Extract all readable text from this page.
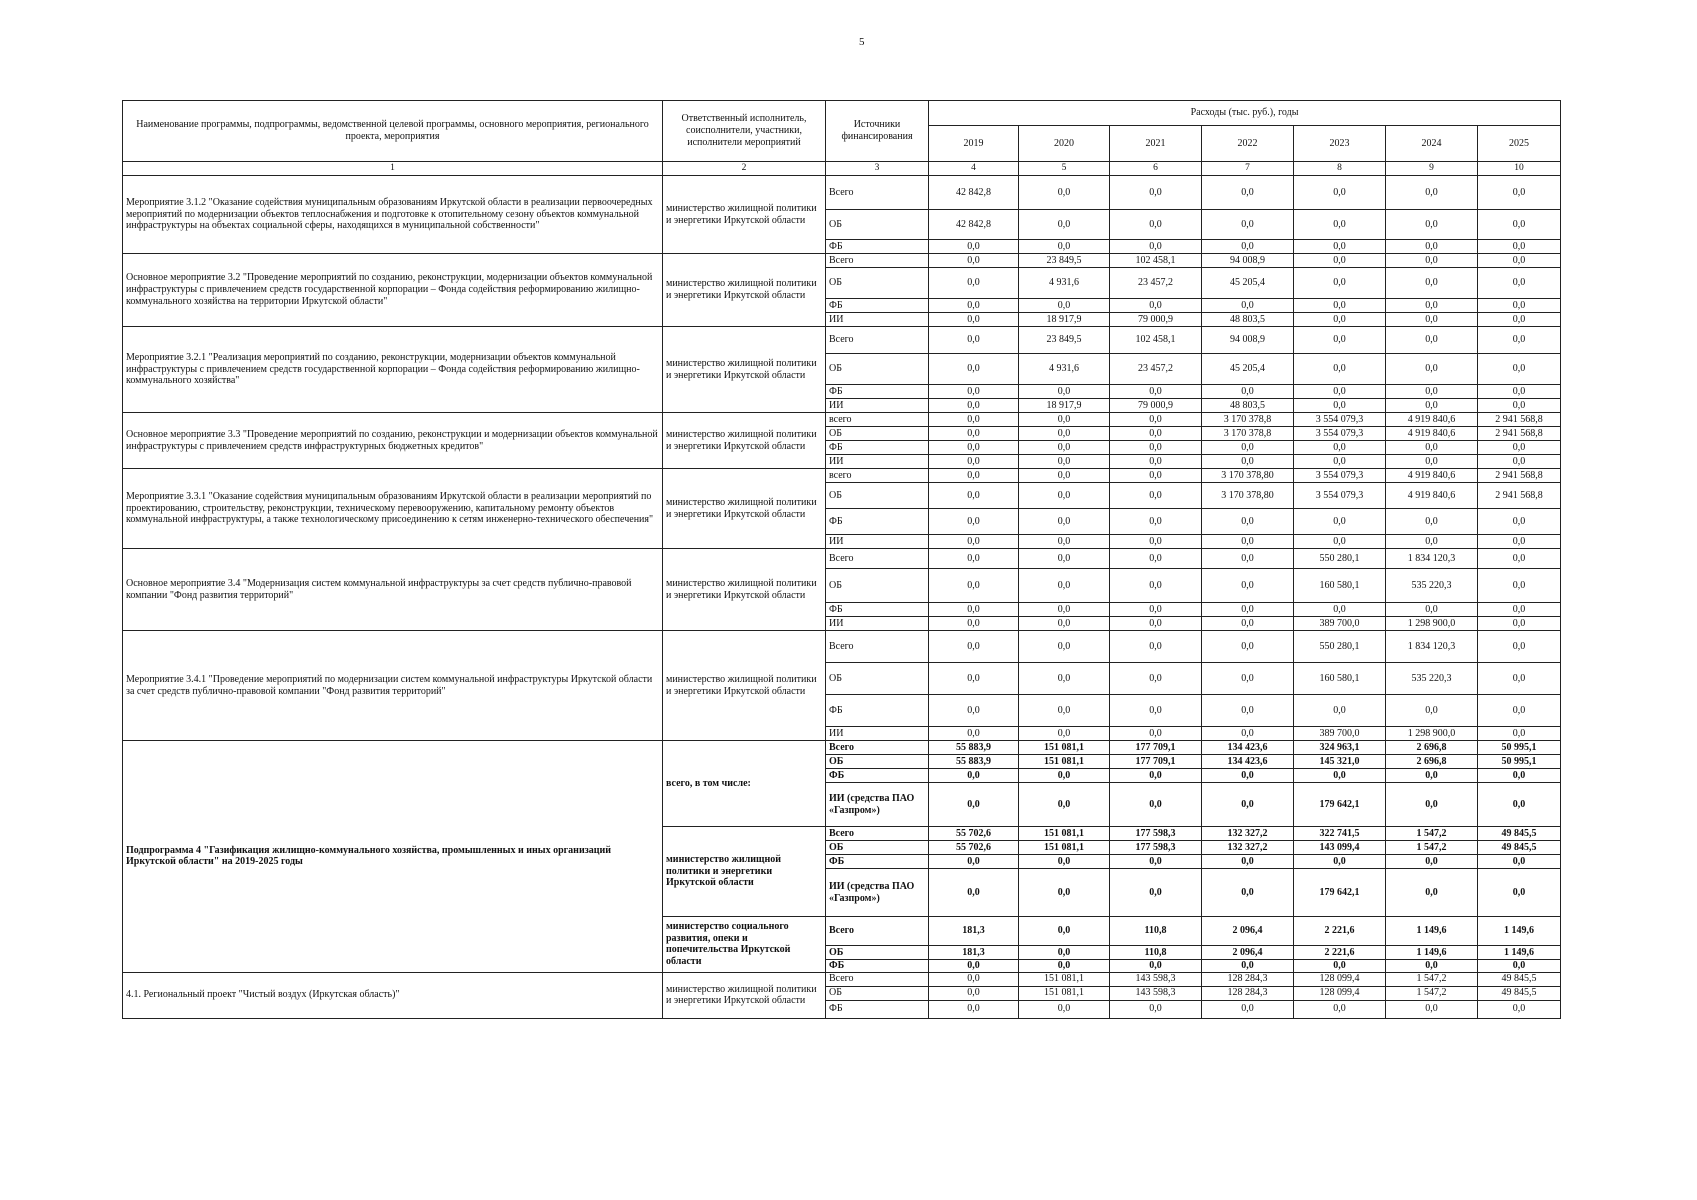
5
Наименование программы, подпрограммы, ведомственной целевой программы, основного мероприятия, регионального проекта, мероприятия	Ответственный исполнитель, соисполнители, участники, исполнители мероприятий	Источники финансирования	Расходы (тыс. руб.), годы						
			2019	2020	2021	2022	2023	2024	2025
1	2	3	4	5	6	7	8	9	10
Мероприятие 3.1.2 "Оказание содействия муниципальным образованиям Иркутской области в реализации первоочередных мероприятий по модернизации объектов теплоснабжения и подготовке к отопительному сезону объектов коммунальной инфраструктуры на объектах социальной сферы, находящихся в муниципальной собственности"	министерство жилищной политики и энергетики Иркутской области	Всего	42 842,8	0,0	0,0	0,0	0,0	0,0	0,0
		ОБ	42 842,8	0,0	0,0	0,0	0,0	0,0	0,0
		ФБ	0,0	0,0	0,0	0,0	0,0	0,0	0,0
Основное мероприятие 3.2 "Проведение мероприятий по созданию, реконструкции, модернизации объектов коммунальной инфраструктуры с привлечением средств государственной корпорации – Фонда содействия реформированию жилищно-коммунального хозяйства на территории Иркутской области"	министерство жилищной политики и энергетики Иркутской области	Всего	0,0	23 849,5	102 458,1	94 008,9	0,0	0,0	0,0
		ОБ	0,0	4 931,6	23 457,2	45 205,4	0,0	0,0	0,0
		ФБ	0,0	0,0	0,0	0,0	0,0	0,0	0,0
		ИИ	0,0	18 917,9	79 000,9	48 803,5	0,0	0,0	0,0
Мероприятие 3.2.1 "Реализация мероприятий по созданию, реконструкции, модернизации объектов коммунальной инфраструктуры с привлечением средств государственной корпорации – Фонда содействия реформированию жилищно-коммунального хозяйства"	министерство жилищной политики и энергетики Иркутской области	Всего	0,0	23 849,5	102 458,1	94 008,9	0,0	0,0	0,0
		ОБ	0,0	4 931,6	23 457,2	45 205,4	0,0	0,0	0,0
		ФБ	0,0	0,0	0,0	0,0	0,0	0,0	0,0
		ИИ	0,0	18 917,9	79 000,9	48 803,5	0,0	0,0	0,0
Основное мероприятие 3.3 "Проведение мероприятий по созданию, реконструкции и модернизации объектов коммунальной инфраструктуры с привлечением средств инфраструктурных бюджетных кредитов"	министерство жилищной политики и энергетики Иркутской области	всего	0,0	0,0	0,0	3 170 378,8	3 554 079,3	4 919 840,6	2 941 568,8
		ОБ	0,0	0,0	0,0	3 170 378,8	3 554 079,3	4 919 840,6	2 941 568,8
		ФБ	0,0	0,0	0,0	0,0	0,0	0,0	0,0
		ИИ	0,0	0,0	0,0	0,0	0,0	0,0	0,0
Мероприятие 3.3.1 "Оказание содействия муниципальным образованиям Иркутской области в реализации мероприятий по проектированию, строительству, реконструкции, техническому перевооружению, капитальному ремонту объектов коммунальной инфраструктуры, а также технологическому присоединению к сетям инженерно-технического обеспечения"	министерство жилищной политики и энергетики Иркутской области	всего	0,0	0,0	0,0	3 170 378,80	3 554 079,3	4 919 840,6	2 941 568,8
		ОБ	0,0	0,0	0,0	3 170 378,80	3 554 079,3	4 919 840,6	2 941 568,8
		ФБ	0,0	0,0	0,0	0,0	0,0	0,0	0,0
		ИИ	0,0	0,0	0,0	0,0	0,0	0,0	0,0
Основное мероприятие 3.4 "Модернизация систем коммунальной инфраструктуры за счет средств публично-правовой компании "Фонд развития территорий"	министерство жилищной политики и энергетики Иркутской области	Всего	0,0	0,0	0,0	0,0	550 280,1	1 834 120,3	0,0
		ОБ	0,0	0,0	0,0	0,0	160 580,1	535 220,3	0,0
		ФБ	0,0	0,0	0,0	0,0	0,0	0,0	0,0
		ИИ	0,0	0,0	0,0	0,0	389 700,0	1 298 900,0	0,0
Мероприятие 3.4.1 "Проведение мероприятий по модернизации систем коммунальной инфраструктуры Иркутской области за счет средств публично-правовой компании "Фонд развития территорий"	министерство жилищной политики и энергетики Иркутской области	Всего	0,0	0,0	0,0	0,0	550 280,1	1 834 120,3	0,0
		ОБ	0,0	0,0	0,0	0,0	160 580,1	535 220,3	0,0
		ФБ	0,0	0,0	0,0	0,0	0,0	0,0	0,0
		ИИ	0,0	0,0	0,0	0,0	389 700,0	1 298 900,0	0,0
Подпрограмма 4 "Газификация жилищно-коммунального хозяйства, промышленных и иных организаций Иркутской области" на 2019-2025 годы	всего, в том числе:	Всего	55 883,9	151 081,1	177 709,1	134 423,6	324 963,1	2 696,8	50 995,1
		ОБ	55 883,9	151 081,1	177 709,1	134 423,6	145 321,0	2 696,8	50 995,1
		ФБ	0,0	0,0	0,0	0,0	0,0	0,0	0,0
		ИИ (средства ПАО «Газпром»)	0,0	0,0	0,0	0,0	179 642,1	0,0	0,0
	министерство жилищной политики и энергетики Иркутской области	Всего	55 702,6	151 081,1	177 598,3	132 327,2	322 741,5	1 547,2	49 845,5
		ОБ	55 702,6	151 081,1	177 598,3	132 327,2	143 099,4	1 547,2	49 845,5
		ФБ	0,0	0,0	0,0	0,0	0,0	0,0	0,0
		ИИ (средства ПАО «Газпром»)	0,0	0,0	0,0	0,0	179 642,1	0,0	0,0
	министерство социального развития, опеки и попечительства Иркутской области	Всего	181,3	0,0	110,8	2 096,4	2 221,6	1 149,6	1 149,6
		ОБ	181,3	0,0	110,8	2 096,4	2 221,6	1 149,6	1 149,6
		ФБ	0,0	0,0	0,0	0,0	0,0	0,0	0,0
4.1. Региональный проект "Чистый воздух (Иркутская область)"	министерство жилищной политики и энергетики Иркутской области	Всего	0,0	151 081,1	143 598,3	128 284,3	128 099,4	1 547,2	49 845,5
		ОБ	0,0	151 081,1	143 598,3	128 284,3	128 099,4	1 547,2	49 845,5
		ФБ	0,0	0,0	0,0	0,0	0,0	0,0	0,0
